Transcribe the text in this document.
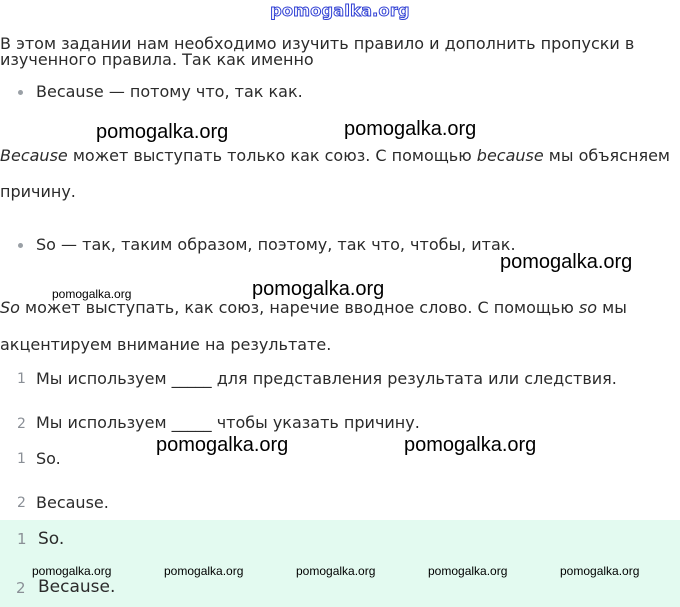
pomogalka.org
В этом задании нам необходимо изучить правило и дополнить пропуски в
изученного правила. Так как именно
Because — потому что, так как.
Because может выступать только как союз. С помощью because мы объясняем
причину.
So — так, таким образом, поэтому, так что, чтобы, итак.
So может выступать, как союз, наречие вводное слово. С помощью so мы
акцентируем внимание на результате.
1 Мы используем _____ для представления результата или следствия.
2 Мы используем _____ чтобы указать причину.
1 So.
2 Because.
1 So.
2 Because.
pomogalka.org	pomogalka.org
pomogalka.org
pomogalka.org	pomogalka.org
pomogalka.org	pomogalka.org
pomogalka.org	pomogalka.org	pomogalka.org	pomogalka.org	pomogalka.org
